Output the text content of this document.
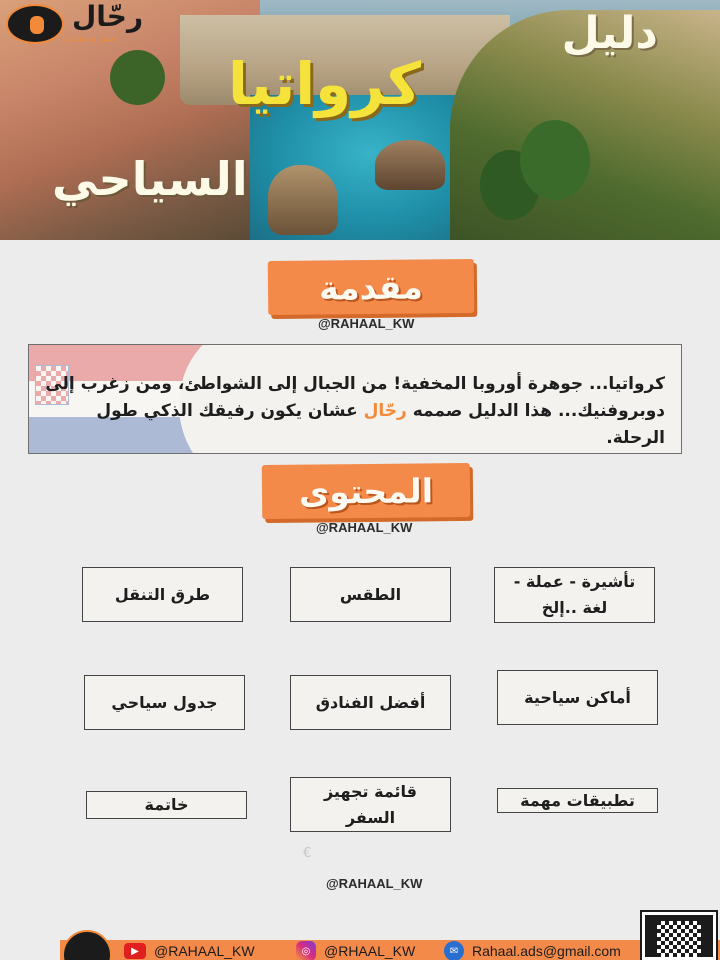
دليل
كرواتيا
السياحي
رحّال
سفر و مغامرة
مقدمة
@RAHAAL_KW

كرواتيا... جوهرة أوروبا المخفية! من الجبال إلى الشواطئ، ومن زغرب إلى دوبروفنيك... هذا الدليل صممه رحّال عشان يكون رفيقك الذكي طول الرحلة.

المحتوى
@RAHAAL_KW
تأشيرة - عملة - لغة ..إلخ
الطقس
طرق التنقل
أماكن سياحية
أفضل الفنادق
جدول سياحي
تطبيقات مهمة
قائمة تجهيز السفر
خاتمة
€
@RAHAAL_KW
▶	@RAHAAL_KW	◎ @RHAAL_KW	✉ Rahaal.ads@gmail.com
